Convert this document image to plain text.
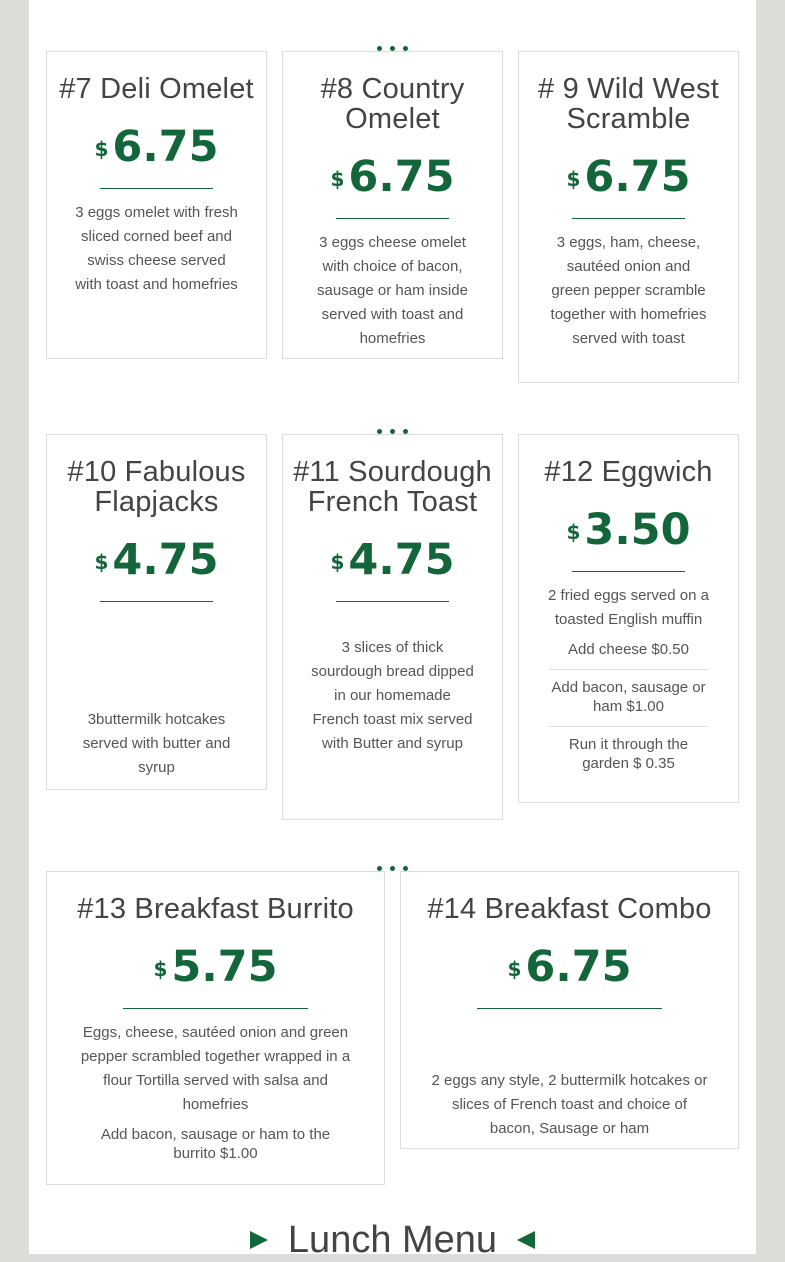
#7 Deli Omelet
$6.75
3 eggs omelet with fresh sliced corned beef and swiss cheese served with toast and homefries
#8 Country Omelet
$6.75
3 eggs cheese omelet with choice of bacon, sausage or ham inside served with toast and homefries
# 9 Wild West Scramble
$6.75
3 eggs, ham, cheese, sautéed onion and green pepper scramble together with homefries served with toast
#10 Fabulous Flapjacks
$4.75
3buttermilk hotcakes served with butter and syrup
#11 Sourdough French Toast
$4.75
3 slices of thick sourdough bread dipped in our homemade French toast mix served with Butter and syrup
#12 Eggwich
$3.50
2 fried eggs served on a toasted English muffin
Add cheese $0.50
Add bacon, sausage or ham $1.00
Run it through the garden $ 0.35
#13 Breakfast Burrito
$5.75
Eggs, cheese, sautéed onion and green pepper scrambled together wrapped in a flour Tortilla served with salsa and homefries
Add bacon, sausage or ham to the burrito $1.00
#14 Breakfast Combo
$6.75
2 eggs any style, 2 buttermilk hotcakes or slices of French toast and choice of bacon, Sausage or ham
Lunch Menu
